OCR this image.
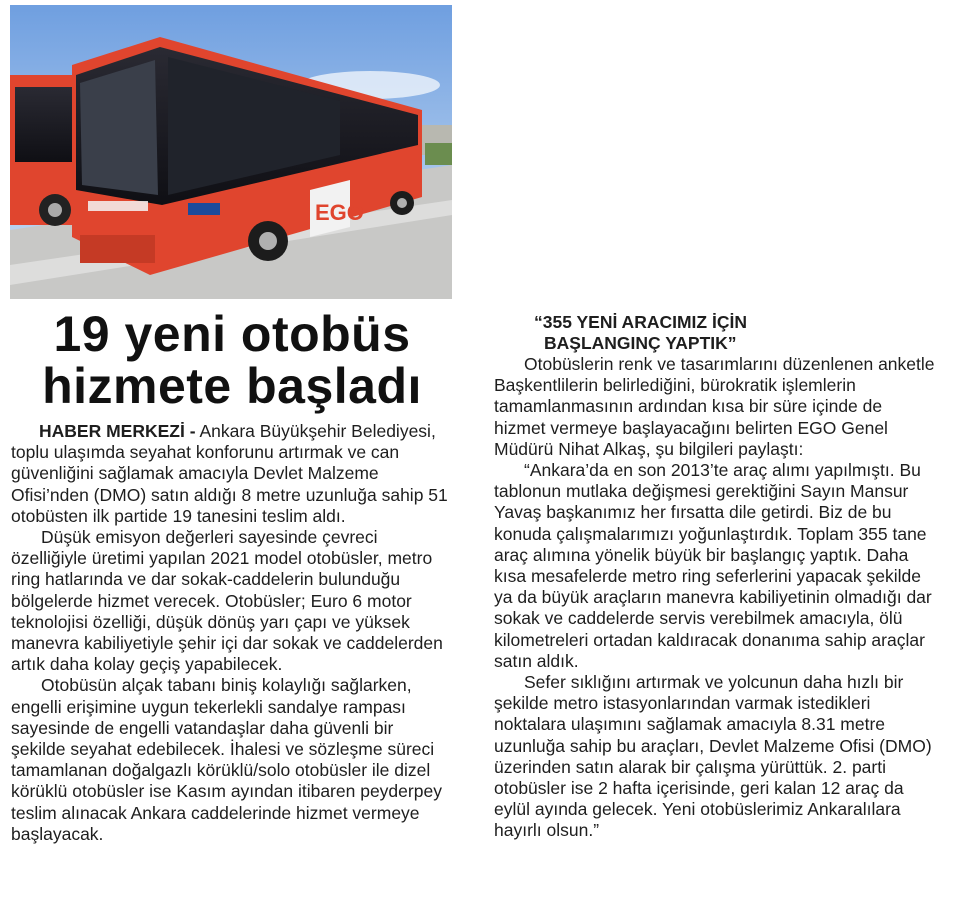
EGO
19 yeni otobüs
hizmete başladı

HABER MERKEZİ - Ankara Büyükşehir Belediyesi, toplu ulaşımda seyahat konforunu artırmak ve can güvenliğini sağlamak amacıyla Devlet Malzeme Ofisi’nden (DMO) satın aldığı 8 metre uzunluğa sahip 51 otobüsten ilk partide 19 tanesini teslim aldı.

Düşük emisyon değerleri sayesinde çevreci özelliğiyle üretimi yapılan 2021 model otobüsler, metro ring hatlarında ve dar sokak-caddelerin bulunduğu bölgelerde hizmet verecek. Otobüsler; Euro 6 motor teknolojisi özelliği, düşük dönüş yarı çapı ve yüksek manevra kabiliyetiyle şehir içi dar sokak ve caddelerden artık daha kolay geçiş yapabilecek.

Otobüsün alçak tabanı biniş kolaylığı sağlarken, engelli erişimine uygun tekerlekli sandalye rampası sayesinde de engelli vatandaşlar daha güvenli bir şekilde seyahat edebilecek. İhalesi ve sözleşme süreci tamamlanan doğalgazlı körüklü/solo otobüsler ile dizel körüklü otobüsler ise Kasım ayından itibaren peyderpey teslim alınacak Ankara caddelerinde hizmet vermeye başlayacak.

“355 YENİ ARACIMIZ İÇİN
BAŞLANGINÇ YAPTIK”

Otobüslerin renk ve tasarımlarını düzenlenen anketle Başkentlilerin belirlediğini, bürokratik işlemlerin tamamlanmasının ardından kısa bir süre içinde de hizmet vermeye başlayacağını belirten EGO Genel Müdürü Nihat Alkaş, şu bilgileri paylaştı:

“Ankara’da en son 2013’te araç alımı yapılmıştı. Bu tablonun mutlaka değişmesi gerektiğini Sayın Mansur Yavaş başkanımız her fırsatta dile getirdi. Biz de bu konuda çalışmalarımızı yoğunlaştırdık. Toplam 355 tane araç alımına yönelik büyük bir başlangıç yaptık. Daha kısa mesafelerde metro ring seferlerini yapacak şekilde ya da büyük araçların manevra kabiliyetinin olmadığı dar sokak ve caddelerde servis verebilmek amacıyla, ölü kilometreleri ortadan kaldıracak donanıma sahip araçlar satın aldık.

Sefer sıklığını artırmak ve yolcunun daha hızlı bir şekilde metro istasyonlarından varmak istedikleri noktalara ulaşımını sağlamak amacıyla 8.31 metre uzunluğa sahip bu araçları, Devlet Malzeme Ofisi (DMO) üzerinden satın alarak bir çalışma yürüttük. 2. parti otobüsler ise 2 hafta içerisinde, geri kalan 12 araç da eylül ayında gelecek. Yeni otobüslerimiz Ankaralılara hayırlı olsun.”
